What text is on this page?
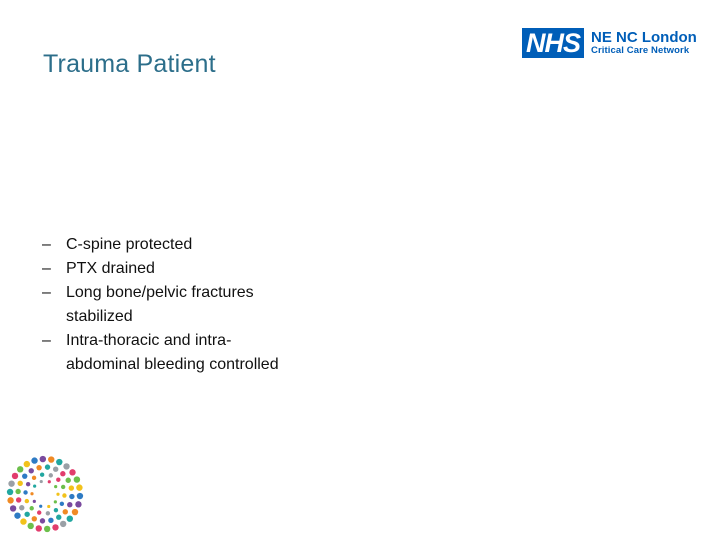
Trauma Patient
NHS NE NC London
Critical Care Network
– C-spine protected
– PTX drained
– Long bone/pelvic fractures stabilized
– Intra-thoracic and intra-abdominal bleeding controlled
